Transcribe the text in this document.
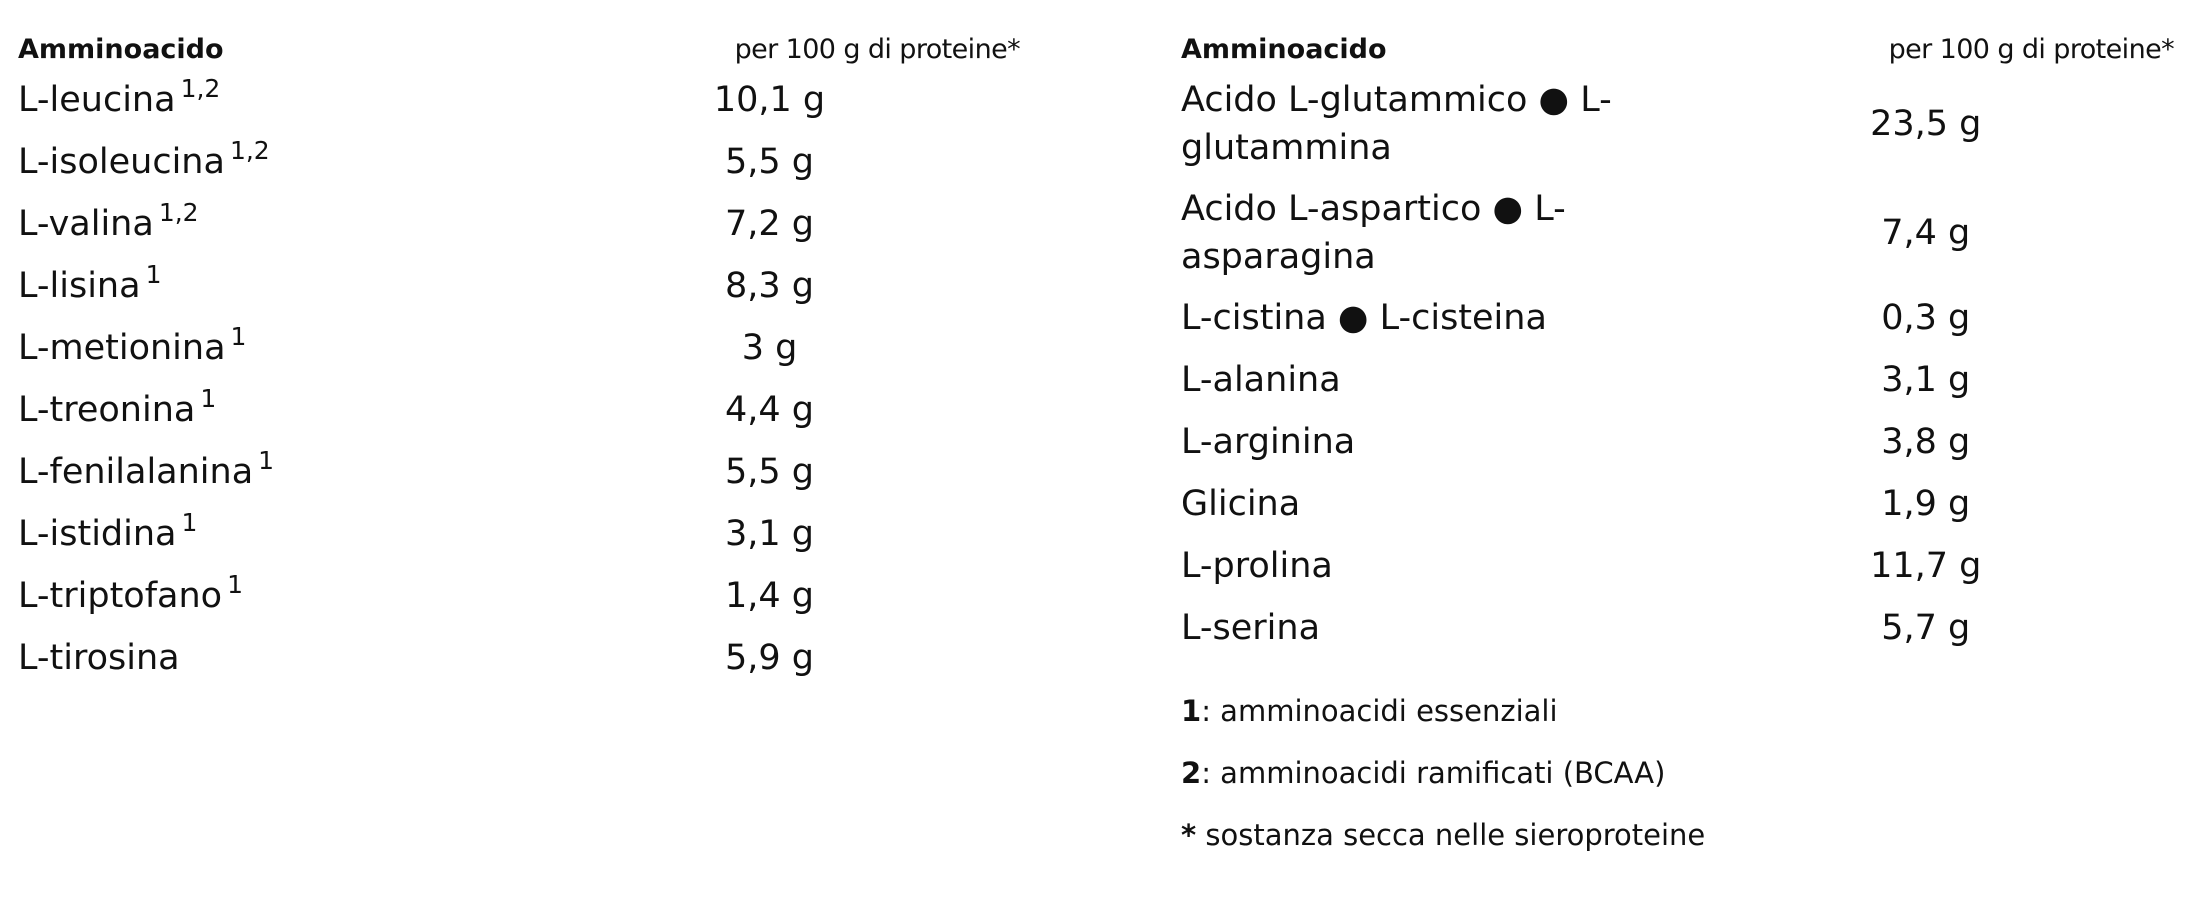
Amminoacido	per 100 g di proteine*
L-leucina $^{1,2}$	10,1 g
L-isoleucina $^{1,2}$	5,5 g
L-valina $^{1,2}$	7,2 g
L-lisina $^1$	8,3 g
L-metionina $^1$	3 g
L-treonina $^1$	4,4 g
L-fenilalanina $^1$	5,5 g
L-istidina $^1$	3,1 g
L-triptofano $^1$	1,4 g
L-tirosina	5,9 g
Amminoacido	per 100 g di proteine*
Acido L-glutammico ● L-glutammina	23,5 g
Acido L-aspartico ● L-asparagina	7,4 g
L-cistina ● L-cisteina	0,3 g
L-alanina	3,1 g
L-arginina	3,8 g
Glicina	1,9 g
L-prolina	11,7 g
L-serina	5,7 g
1: amminoacidi essenziali
2: amminoacidi ramificati (BCAA)
* sostanza secca nelle sieroproteine
